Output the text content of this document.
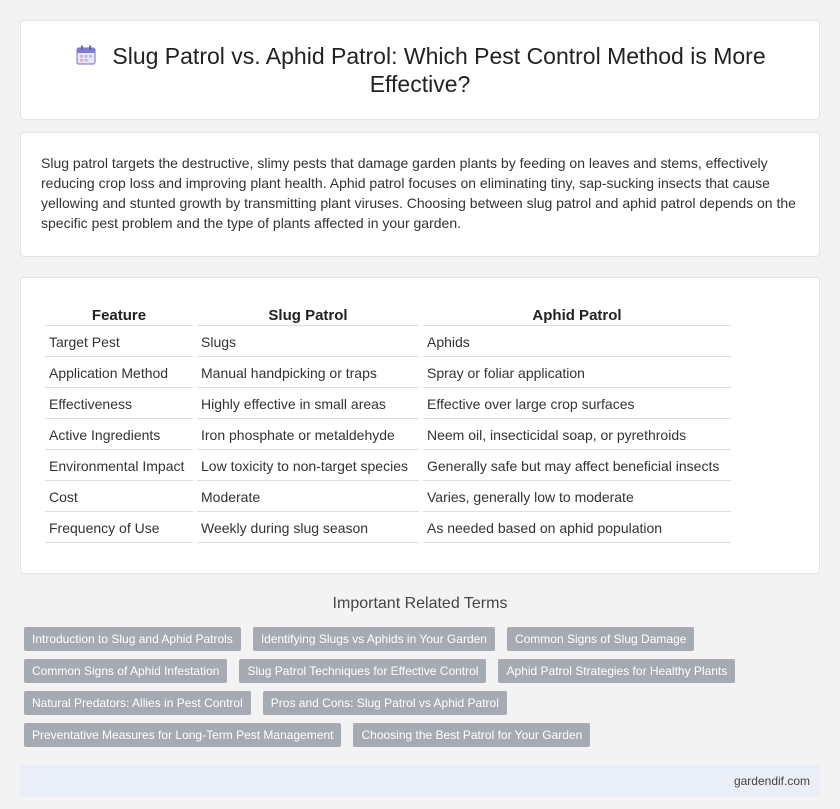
Slug Patrol vs. Aphid Patrol: Which Pest Control Method is More Effective?

Slug patrol targets the destructive, slimy pests that damage garden plants by feeding on leaves and stems, effectively reducing crop loss and improving plant health. Aphid patrol focuses on eliminating tiny, sap-sucking insects that cause yellowing and stunted growth by transmitting plant viruses. Choosing between slug patrol and aphid patrol depends on the specific pest problem and the type of plants affected in your garden.

Feature	Slug Patrol	Aphid Patrol
Target Pest	Slugs	Aphids
Application Method	Manual handpicking or traps	Spray or foliar application
Effectiveness	Highly effective in small areas	Effective over large crop surfaces
Active Ingredients	Iron phosphate or metaldehyde	Neem oil, insecticidal soap, or pyrethroids
Environmental Impact	Low toxicity to non-target species	Generally safe but may affect beneficial insects
Cost	Moderate	Varies, generally low to moderate
Frequency of Use	Weekly during slug season	As needed based on aphid population
Important Related Terms
Introduction to Slug and Aphid Patrols	Identifying Slugs vs Aphids in Your Garden	Common Signs of Slug Damage
Common Signs of Aphid Infestation	Slug Patrol Techniques for Effective Control	Aphid Patrol Strategies for Healthy Plants
Natural Predators: Allies in Pest Control	Pros and Cons: Slug Patrol vs Aphid Patrol
Preventative Measures for Long-Term Pest Management	Choosing the Best Patrol for Your Garden
gardendif.com
